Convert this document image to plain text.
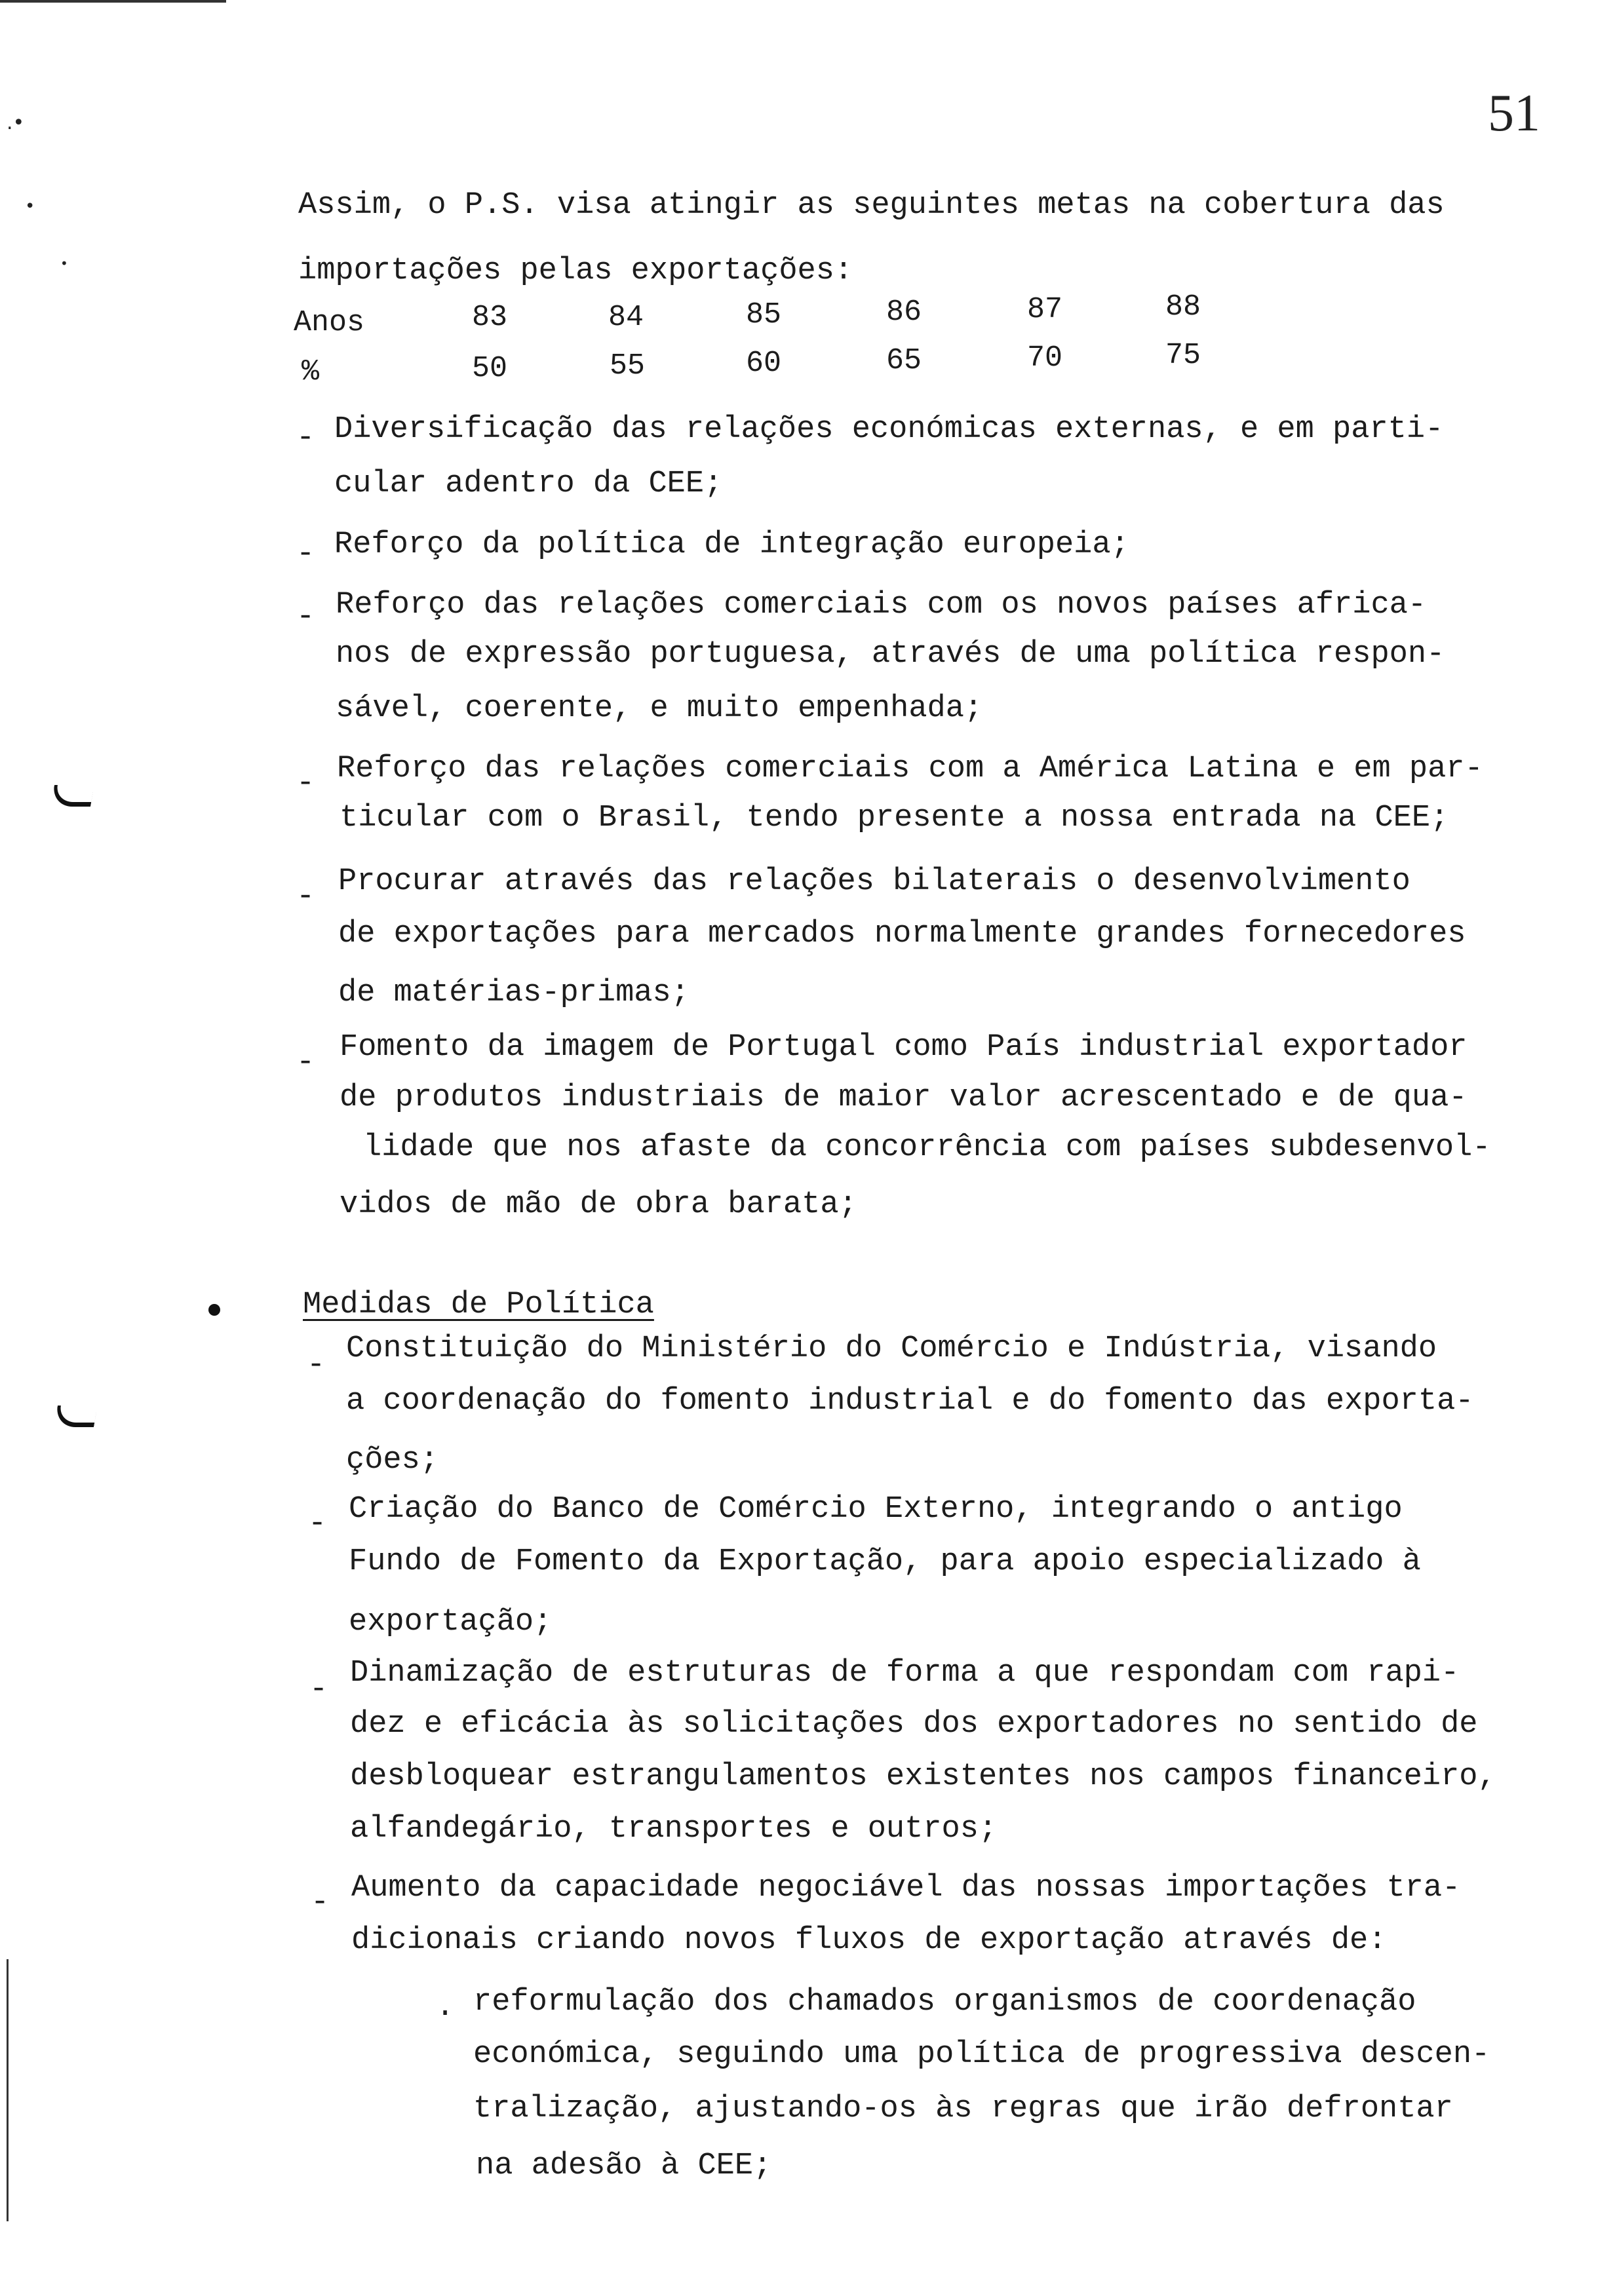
.•
•
•
51
Assim, o P.S. visa atingir as seguintes metas na cobertura das
importações pelas exportações:
Anos	83	84	85	86	87	88
%	50	55	60	65	70	75
- Diversificação das relações económicas externas, e em parti-
cular adentro da CEE;
- Reforço da política de integração europeia;
- Reforço das relações comerciais com os novos países africa-
nos de expressão portuguesa, através de uma política respon-
sável, coerente, e muito empenhada;
- Reforço das relações comerciais com a América Latina e em par-
ticular com o Brasil, tendo presente a nossa entrada na CEE;
- Procurar através das relações bilaterais o desenvolvimento
de exportações para mercados normalmente grandes fornecedores
de matérias-primas;
- Fomento da imagem de Portugal como País industrial exportador
de produtos industriais de maior valor acrescentado e de qua-
lidade que nos afaste da concorrência com países subdesenvol-
vidos de mão de obra barata;
Medidas de Política
- Constituição do Ministério do Comércio e Indústria, visando
a coordenação do fomento industrial e do fomento das exporta-
ções;
- Criação do Banco de Comércio Externo, integrando o antigo
Fundo de Fomento da Exportação, para apoio especializado à
exportação;
- Dinamização de estruturas de forma a que respondam com rapi-
dez e eficácia às solicitações dos exportadores no sentido de
desbloquear estrangulamentos existentes nos campos financeiro,
alfandegário, transportes e outros;
- Aumento da capacidade negociável das nossas importações tra-
dicionais criando novos fluxos de exportação através de:
. reformulação dos chamados organismos de coordenação
económica, seguindo uma política de progressiva descen-
tralização, ajustando-os às regras que irão defrontar
na adesão à CEE;
